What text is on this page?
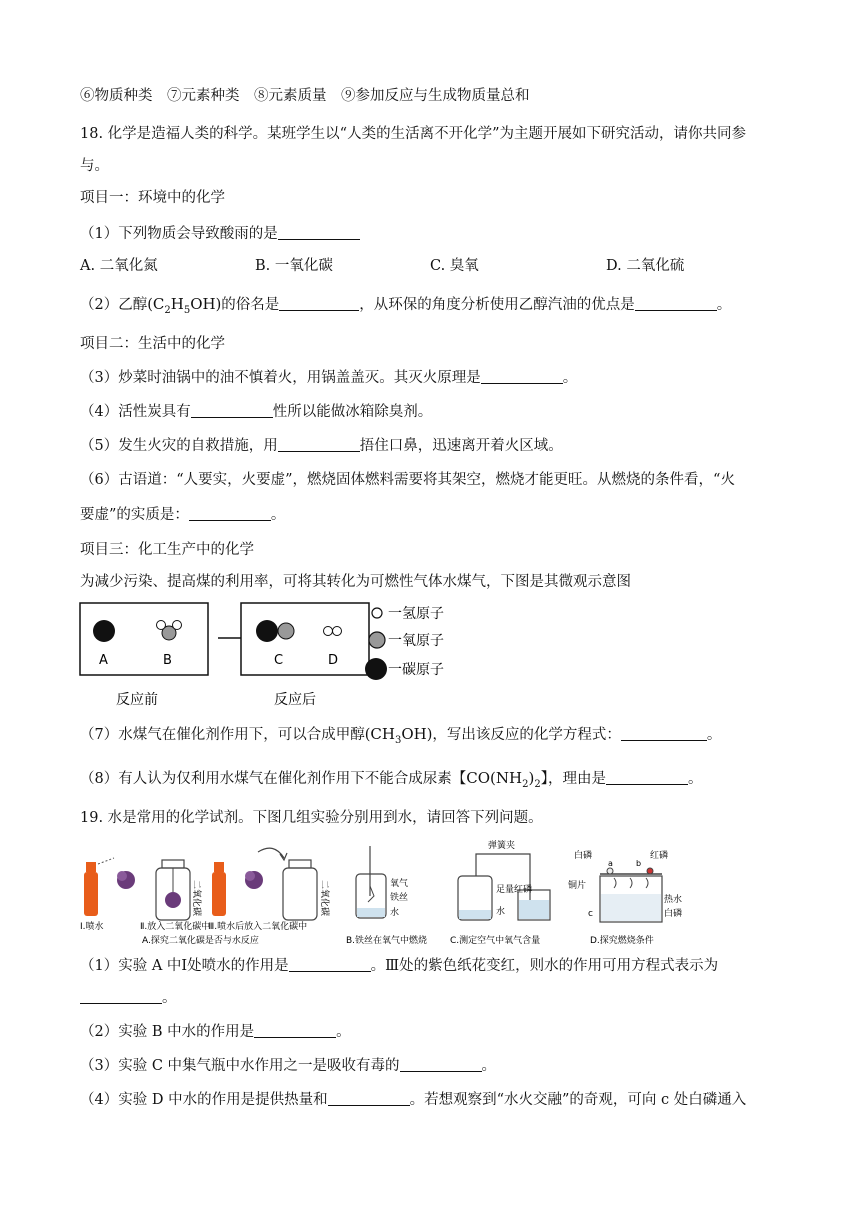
⑥物质种类　⑦元素种类　⑧元素质量　⑨参加反应与生成物质量总和
18. 化学是造福人类的科学。某班学生以“人类的生活离不开化学”为主题开展如下研究活动，请你共同参
与。
项目一：环境中的化学
（1）下列物质会导致酸雨的是
A. 二氧化氮	B. 一氧化碳	C. 臭氧	D. 二氧化硫
（2）乙醇$(C_2H_5OH)$的俗名是	，从环保的角度分析使用乙醇汽油的优点是	。
项目二：生活中的化学
（3）炒菜时油锅中的油不慎着火，用锅盖盖灭。其灭火原理是	。
（4）活性炭具有	性所以能做冰箱除臭剂。
（5）发生火灾的自救措施，用	捂住口鼻，迅速离开着火区域。
（6）古语道：“人要实，火要虚”，燃烧固体燃料需要将其架空，燃烧才能更旺。从燃烧的条件看，“火
要虚”的实质是：	。
项目三：化工生产中的化学
为减少污染、提高煤的利用率，可将其转化为可燃性气体水煤气，下图是其微观示意图
A	B	C	D
反应前	反应后
一氢原子
一氧原子
一碳原子
（7）水煤气在催化剂作用下，可以合成甲醇$(CH_3OH)$，写出该反应的化学方程式：	。
（8）有人认为仅利用水煤气在催化剂作用下不能合成尿素【$CO(NH_2)_2$】，理由是	。
19. 水是常用的化学试剂。下图几组实验分别用到水，请回答下列问题。
Ⅰ.喷水	Ⅱ.放入二氧化碳中
Ⅲ.喷水后放入二氧化碳中
二氧化碳
二氧化碳
A.探究二氧化碳是否与水反应
氧气
铁丝
水
B.铁丝在氧气中燃烧
弹簧夹
足量红磷
水
C.测定空气中氧气含量
白磷
a	b
红磷
铜片
热水
c	白磷
D.探究燃烧条件
（1）实验 A 中Ⅰ处喷水的作用是	。Ⅲ处的紫色纸花变红，则水的作用可用方程式表示为
。
（2）实验 B 中水的作用是	。
（3）实验 C 中集气瓶中水作用之一是吸收有毒的	。
（4）实验 D 中水的作用是提供热量和	。若想观察到“水火交融”的奇观，可向 c 处白磷通入
